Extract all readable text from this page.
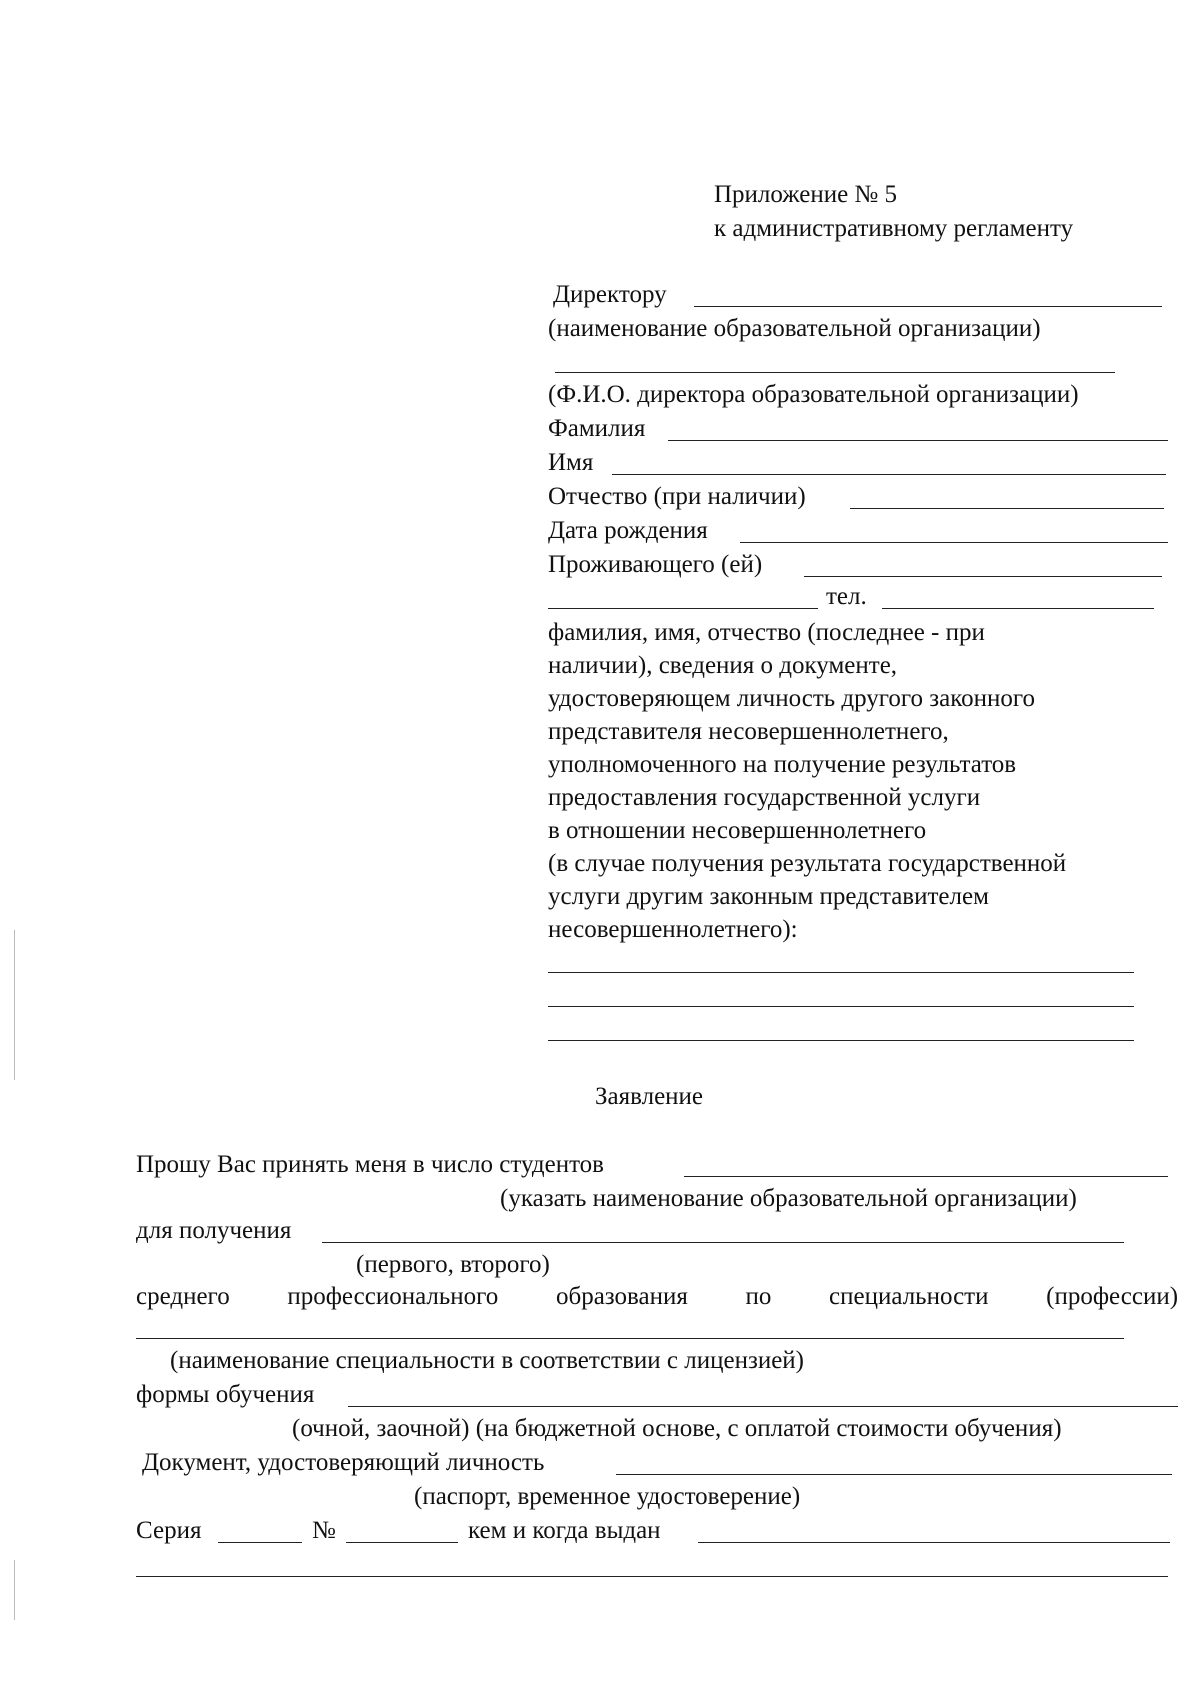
Приложение № 5
к административному регламенту
Директору
(наименование образовательной организации)
(Ф.И.О. директора образовательной организации)
Фамилия
Имя
Отчество (при наличии)
Дата рождения
Проживающего (ей)
тел.
фамилия, имя, отчество (последнее - при
наличии), сведения о документе,
удостоверяющем личность другого законного
представителя несовершеннолетнего,
уполномоченного на получение результатов
предоставления государственной услуги
в отношении несовершеннолетнего
(в случае получения результата государственной
услуги другим законным представителем
несовершеннолетнего):
Заявление
Прошу Вас принять меня в число студентов
(указать наименование образовательной организации)
для получения
(первого, второго)
среднего профессионального образования по специальности (профессии)
(наименование специальности в соответствии с лицензией)
формы обучения
(очной, заочной) (на бюджетной основе, с оплатой стоимости обучения)
Документ, удостоверяющий личность
(паспорт, временное удостоверение)
Серия	№	кем и когда выдан
